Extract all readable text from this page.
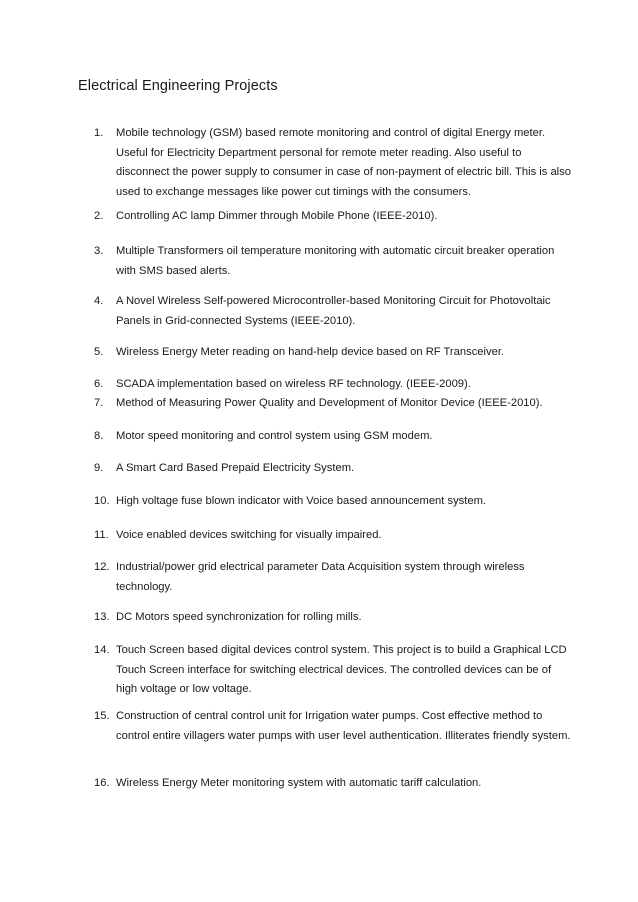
Electrical Engineering Projects
1.	Mobile technology (GSM) based remote monitoring and control of digital Energy meter. Useful for Electricity Department personal for remote meter reading. Also useful to disconnect the power supply to consumer in case of non-payment of electric bill. This is also used to exchange messages like power cut timings with the consumers.
2.	Controlling AC lamp Dimmer through Mobile Phone (IEEE-2010).
3.	Multiple Transformers oil temperature monitoring with automatic circuit breaker operation with SMS based alerts.
4.	A Novel Wireless Self-powered Microcontroller-based Monitoring Circuit for Photovoltaic Panels in Grid-connected Systems (IEEE-2010).
5.	Wireless Energy Meter reading on hand-help device based on RF Transceiver.
6.	SCADA implementation based on wireless RF technology. (IEEE-2009).
7.	Method of Measuring Power Quality and Development of Monitor Device (IEEE-2010).
8.	Motor speed monitoring and control system using GSM modem.
9.	A Smart Card Based Prepaid Electricity System.
10. High voltage fuse blown indicator with Voice based announcement system.
11. Voice enabled devices switching for visually impaired.
12. Industrial/power grid electrical parameter Data Acquisition system through wireless technology.
13. DC Motors speed synchronization for rolling mills.
14. Touch Screen based digital devices control system. This project is to build a Graphical LCD Touch Screen interface for switching electrical devices. The controlled devices can be of high voltage or low voltage.
15. Construction of central control unit for Irrigation water pumps. Cost effective method to control entire villagers water pumps with user level authentication. Illiterates friendly system.
16. Wireless Energy Meter monitoring system with automatic tariff calculation.
